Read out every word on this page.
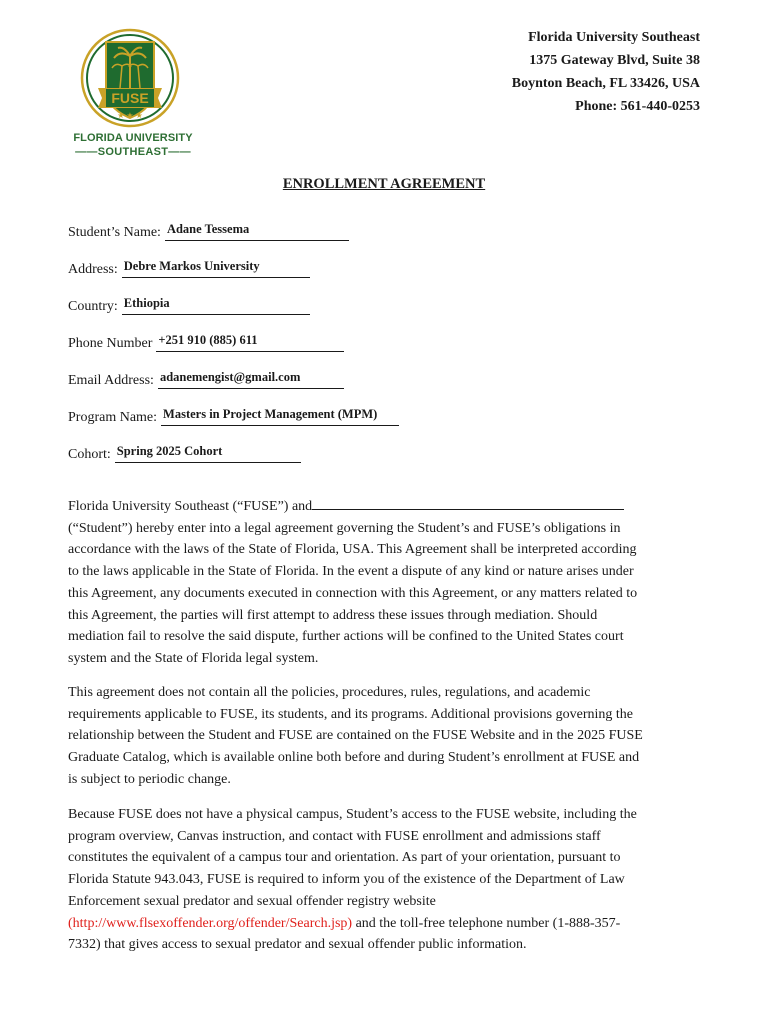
FUSE
★ ★ ★
FLORIDA UNIVERSITY
——SOUTHEAST——
Florida University Southeast
1375 Gateway Blvd, Suite 38
Boynton Beach, FL 33426, USA
Phone: 561-440-0253
ENROLLMENT AGREEMENT
Student’s Name: Adane Tessema
Address: Debre Markos University
Country: Ethiopia
Phone Number +251 910 (885) 611
Email Address: adanemengist@gmail.com
Program Name: Masters in Project Management (MPM)
Cohort: Spring 2025 Cohort
Florida University Southeast (“FUSE”) and
(“Student”) hereby enter into a legal agreement governing the Student’s and FUSE’s obligations in
accordance with the laws of the State of Florida, USA. This Agreement shall be interpreted according
to the laws applicable in the State of Florida. In the event a dispute of any kind or nature arises under
this Agreement, any documents executed in connection with this Agreement, or any matters related to
this Agreement, the parties will first attempt to address these issues through mediation. Should
mediation fail to resolve the said dispute, further actions will be confined to the United States court
system and the State of Florida legal system.
This agreement does not contain all the policies, procedures, rules, regulations, and academic
requirements applicable to FUSE, its students, and its programs. Additional provisions governing the
relationship between the Student and FUSE are contained on the FUSE Website and in the 2025 FUSE
Graduate Catalog, which is available online both before and during Student’s enrollment at FUSE and
is subject to periodic change.
Because FUSE does not have a physical campus, Student’s access to the FUSE website, including the
program overview, Canvas instruction, and contact with FUSE enrollment and admissions staff
constitutes the equivalent of a campus tour and orientation. As part of your orientation, pursuant to
Florida Statute 943.043, FUSE is required to inform you of the existence of the Department of Law
Enforcement sexual predator and sexual offender registry website
(http://www.flsexoffender.org/offender/Search.jsp) and the toll-free telephone number (1-888-357-
7332) that gives access to sexual predator and sexual offender public information.
